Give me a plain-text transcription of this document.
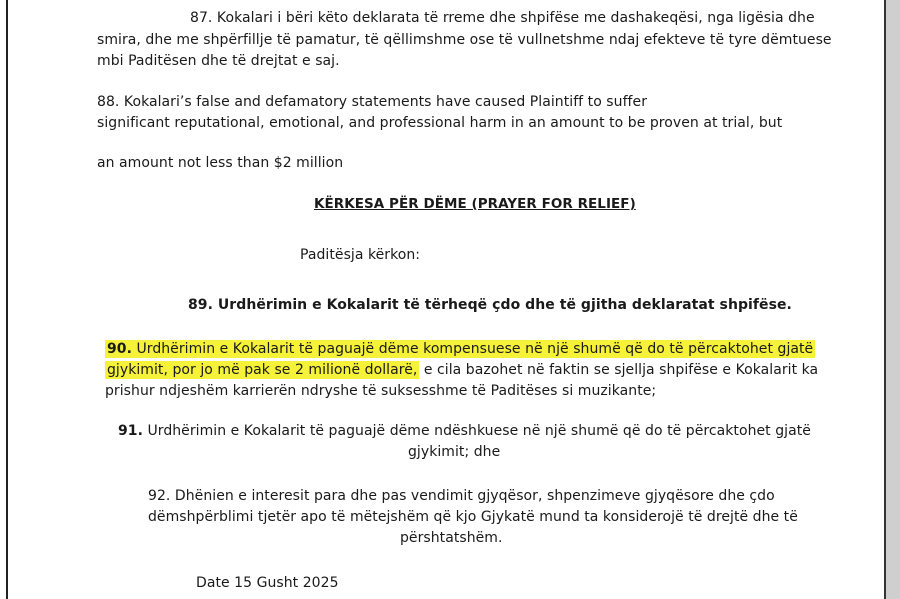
87. Kokalari i bëri këto deklarata të rreme dhe shpifëse me dashakeqësi, nga ligësia dhe
smira, dhe me shpërfillje të pamatur, të qëllimshme ose të vullnetshme ndaj efekteve të tyre dëmtuese
mbi Paditësen dhe të drejtat e saj.
88. Kokalari’s false and defamatory statements have caused Plaintiff to suffer
significant reputational, emotional, and professional harm in an amount to be proven at trial, but
an amount not less than $2 million
KËRKESA PËR DËME (PRAYER FOR RELIEF)
Paditësja kërkon:
89. Urdhërimin e Kokalarit të tërheqë çdo dhe të gjitha deklaratat shpifëse.
90. Urdhërimin e Kokalarit të paguajë dëme kompensuese në një shumë që do të përcaktohet gjatë
gjykimit, por jo më pak se 2 milionë dollarë, e cila bazohet në faktin se sjellja shpifëse e Kokalarit ka
prishur ndjeshëm karrierën ndryshe të suksesshme të Paditëses si muzikante;
91. Urdhërimin e Kokalarit të paguajë dëme ndëshkuese në një shumë që do të përcaktohet gjatë
gjykimit; dhe
92. Dhënien e interesit para dhe pas vendimit gjyqësor, shpenzimeve gjyqësore dhe çdo
dëmshpërblimi tjetër apo të mëtejshëm që kjo Gjykatë mund ta konsiderojë të drejtë dhe të
përshtatshëm.
Date 15 Gusht 2025
